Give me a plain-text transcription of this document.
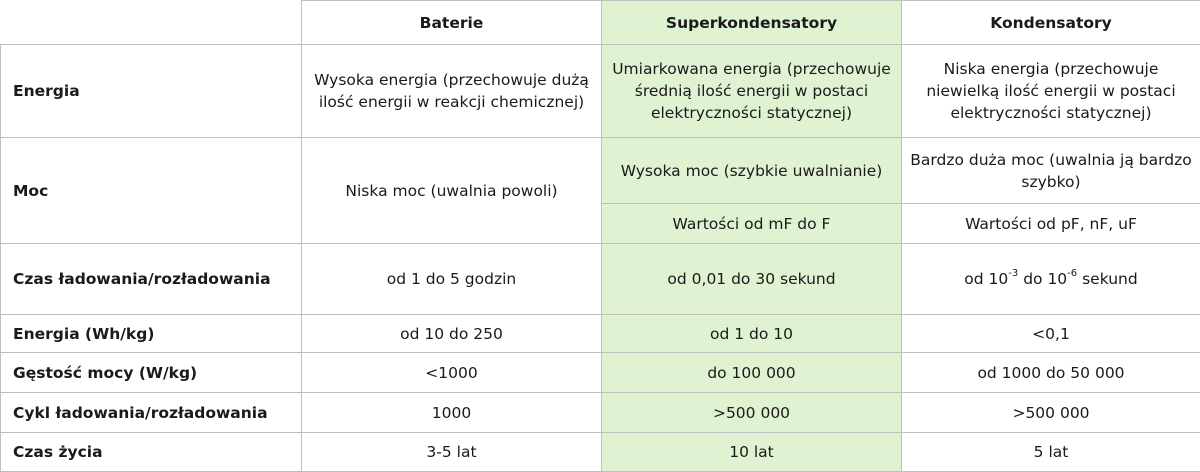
	Baterie	Superkondensatory	Kondensatory
Energia	Wysoka energia (przechowuje dużą ilość energii w reakcji chemicznej)	Umiarkowana energia (przechowuje średnią ilość energii w postaci elektryczności statycznej)	Niska energia (przechowuje niewielką ilość energii w postaci elektryczności statycznej)
Moc	Niska moc (uwalnia powoli)	Wysoka moc (szybkie uwalnianie)	Bardzo duża moc (uwalnia ją bardzo szybko)
		Wartości od mF do F	Wartości od pF, nF, uF
Czas ładowania/rozładowania	od 1 do 5 godzin	od 0,01 do 30 sekund	od $10^{-3}$ do $10^{-6}$ sekund
Energia (Wh/kg)	od 10 do 250	od 1 do 10	<0,1
Gęstość mocy (W/kg)	<1000	do 100 000	od 1000 do 50 000
Cykl ładowania/rozładowania	1000	>500 000	>500 000
Czas życia	3-5 lat	10 lat	5 lat
